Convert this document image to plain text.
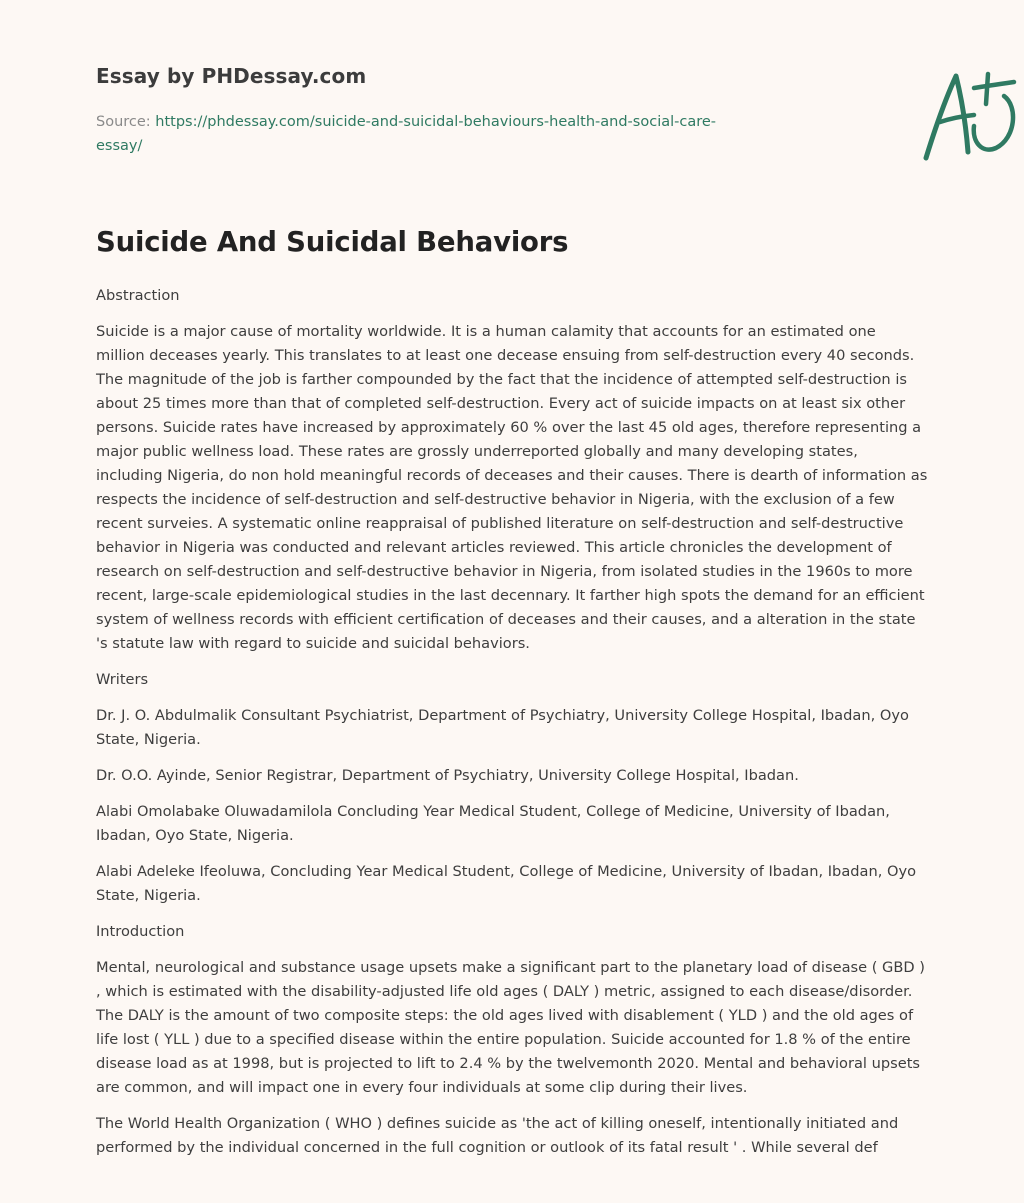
Essay by PHDessay.com
Source: https://phdessay.com/suicide-and-suicidal-behaviours-health-and-social-care-essay/
Suicide And Suicidal Behaviors

Abstraction

Suicide is a major cause of mortality worldwide. It is a human calamity that accounts for an estimated one million deceases yearly. This translates to at least one decease ensuing from self-destruction every 40 seconds. The magnitude of the job is farther compounded by the fact that the incidence of attempted self-destruction is about 25 times more than that of completed self-destruction. Every act of suicide impacts on at least six other persons. Suicide rates have increased by approximately 60 % over the last 45 old ages, therefore representing a major public wellness load. These rates are grossly underreported globally and many developing states, including Nigeria, do non hold meaningful records of deceases and their causes. There is dearth of information as respects the incidence of self-destruction and self-destructive behavior in Nigeria, with the exclusion of a few recent surveies. A systematic online reappraisal of published literature on self-destruction and self-destructive behavior in Nigeria was conducted and relevant articles reviewed. This article chronicles the development of research on self-destruction and self-destructive behavior in Nigeria, from isolated studies in the 1960s to more recent, large-scale epidemiological studies in the last decennary. It farther high spots the demand for an efficient system of wellness records with efficient certification of deceases and their causes, and a alteration in the state 's statute law with regard to suicide and suicidal behaviors.

Writers

Dr. J. O. Abdulmalik Consultant Psychiatrist, Department of Psychiatry, University College Hospital, Ibadan, Oyo State, Nigeria.

Dr. O.O. Ayinde, Senior Registrar, Department of Psychiatry, University College Hospital, Ibadan.

Alabi Omolabake Oluwadamilola Concluding Year Medical Student, College of Medicine, University of Ibadan, Ibadan, Oyo State, Nigeria.

Alabi Adeleke Ifeoluwa, Concluding Year Medical Student, College of Medicine, University of Ibadan, Ibadan, Oyo State, Nigeria.

Introduction

Mental, neurological and substance usage upsets make a significant part to the planetary load of disease ( GBD ) , which is estimated with the disability-adjusted life old ages ( DALY ) metric, assigned to each disease/disorder. The DALY is the amount of two composite steps: the old ages lived with disablement ( YLD ) and the old ages of life lost ( YLL ) due to a specified disease within the entire population. Suicide accounted for 1.8 % of the entire disease load as at 1998, but is projected to lift to 2.4 % by the twelvemonth 2020. Mental and behavioral upsets are common, and will impact one in every four individuals at some clip during their lives.

The World Health Organization ( WHO ) defines suicide as 'the act of killing oneself, intentionally initiated and performed by the individual concerned in the full cognition or outlook of its fatal result ' . While several def
